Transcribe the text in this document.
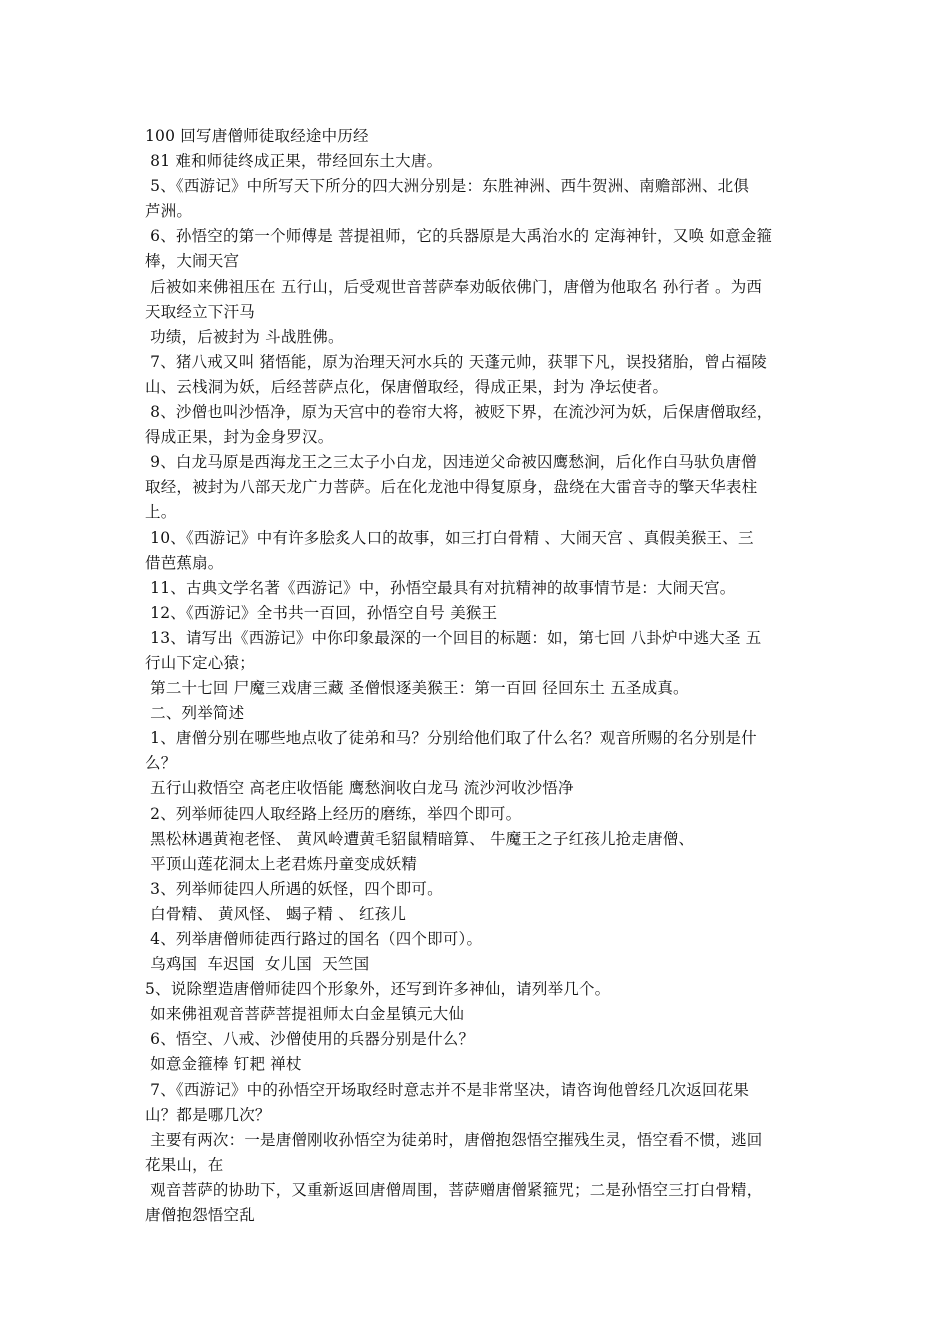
100 回写唐僧师徒取经途中历经
81 难和师徒终成正果，带经回东土大唐。
5、《西游记》中所写天下所分的四大洲分别是：东胜神洲、西牛贺洲、南赡部洲、北俱
芦洲。
6、孙悟空的第一个师傅是 菩提祖师，它的兵器原是大禹治水的 定海神针，又唤 如意金箍
棒，大闹天宫
后被如来佛祖压在 五行山，后受观世音菩萨奉劝皈依佛门，唐僧为他取名 孙行者 。为西
天取经立下汗马
功绩，后被封为 斗战胜佛。
7、猪八戒又叫 猪悟能，原为治理天河水兵的 天蓬元帅，获罪下凡，误投猪胎，曾占福陵
山、云栈洞为妖，后经菩萨点化，保唐僧取经，得成正果，封为 净坛使者。
8、沙僧也叫沙悟净，原为天宫中的卷帘大将，被贬下界，在流沙河为妖，后保唐僧取经，
得成正果，封为金身罗汉。
9、白龙马原是西海龙王之三太子小白龙，因违逆父命被囚鹰愁涧，后化作白马驮负唐僧
取经，被封为八部天龙广力菩萨。后在化龙池中得复原身，盘绕在大雷音寺的擎天华表柱
上。
10、《西游记》中有许多脍炙人口的故事，如三打白骨精 、大闹天宫 、真假美猴王、三
借芭蕉扇。
11、古典文学名著《西游记》中，孙悟空最具有对抗精神的故事情节是：大闹天宫。
12、《西游记》全书共一百回，孙悟空自号 美猴王
13、请写出《西游记》中你印象最深的一个回目的标题：如，第七回 八卦炉中逃大圣 五
行山下定心猿；
第二十七回 尸魔三戏唐三藏 圣僧恨逐美猴王：第一百回 径回东土 五圣成真。
二、列举简述
1、唐僧分别在哪些地点收了徒弟和马？分别给他们取了什么名？观音所赐的名分别是什
么？
五行山救悟空 高老庄收悟能 鹰愁涧收白龙马 流沙河收沙悟净
2、列举师徒四人取经路上经历的磨练，举四个即可。
黑松林遇黄袍老怪、 黄风岭遭黄毛貂鼠精暗算、 牛魔王之子红孩儿抢走唐僧、
平顶山莲花洞太上老君炼丹童变成妖精
3、列举师徒四人所遇的妖怪，四个即可。
白骨精、 黄风怪、 蝎子精 、 红孩儿
4、列举唐僧师徒西行路过的国名（四个即可）。
乌鸡国  车迟国  女儿国  天竺国
5、说除塑造唐僧师徒四个形象外，还写到许多神仙，请列举几个。
如来佛祖观音菩萨菩提祖师太白金星镇元大仙
6、悟空、八戒、沙僧使用的兵器分别是什么？
如意金箍棒 钉耙 禅杖
7、《西游记》中的孙悟空开场取经时意志并不是非常坚决，请咨询他曾经几次返回花果
山？都是哪几次？
主要有两次：一是唐僧刚收孙悟空为徒弟时，唐僧抱怨悟空摧残生灵，悟空看不惯，逃回
花果山，在
观音菩萨的协助下，又重新返回唐僧周围，菩萨赠唐僧紧箍咒；二是孙悟空三打白骨精，
唐僧抱怨悟空乱
